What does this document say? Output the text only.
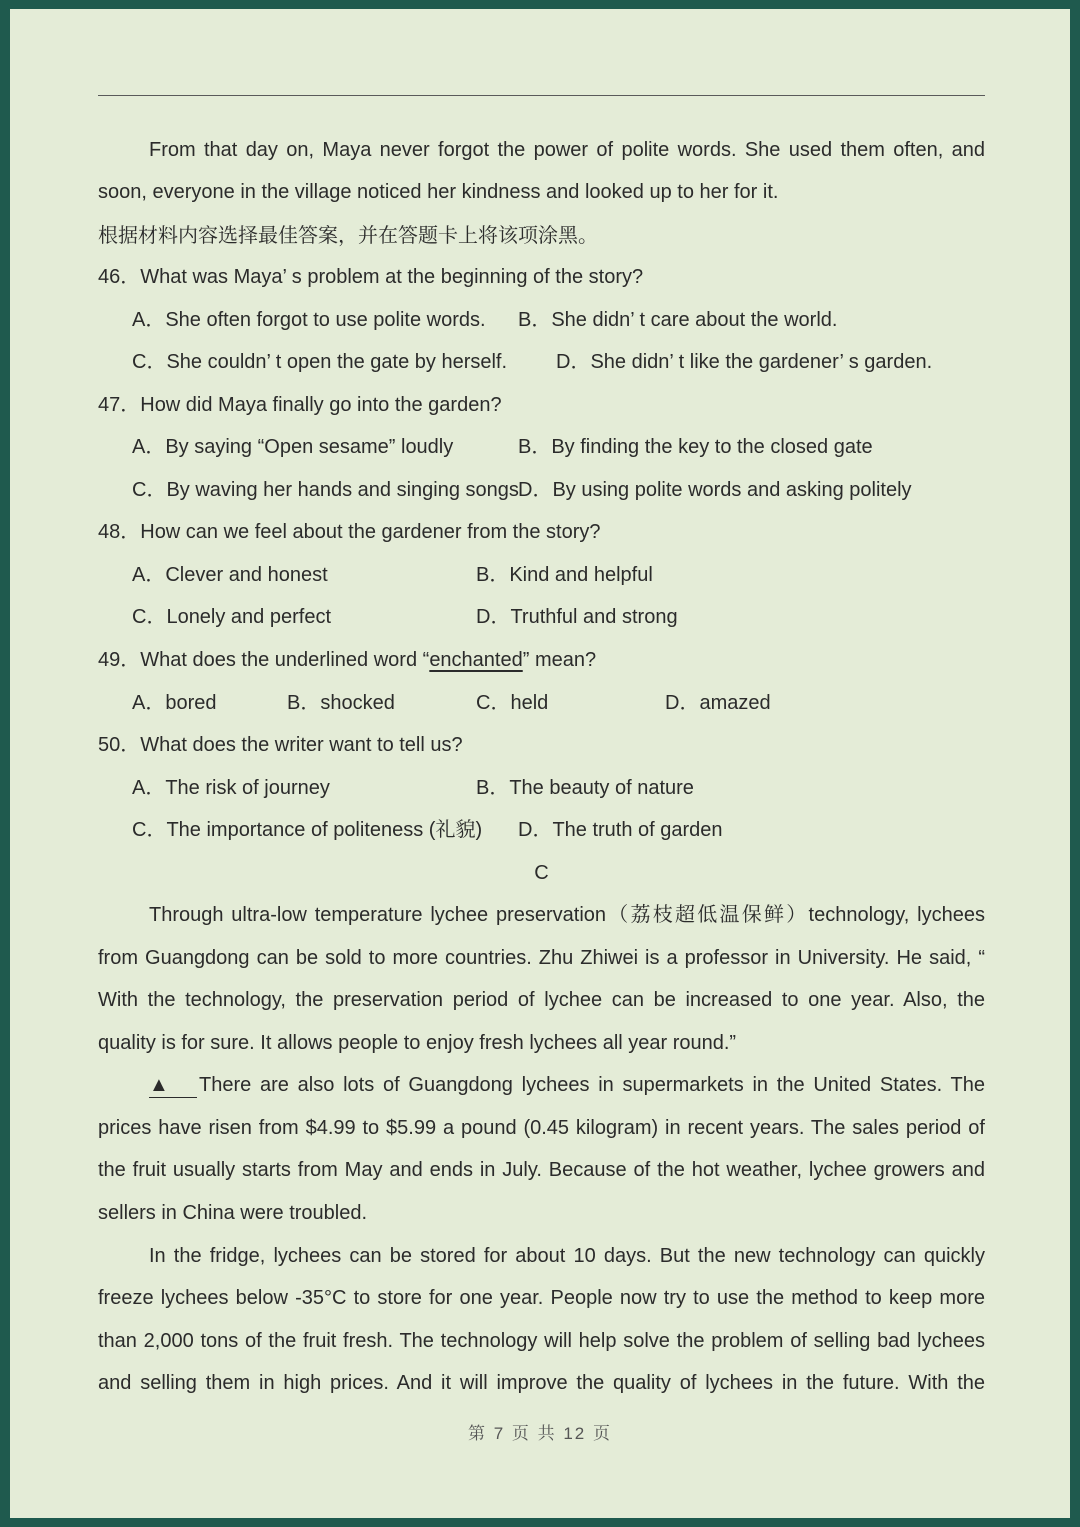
From that day on, Maya never forgot the power of polite words. She used them often, and
soon, everyone in the village noticed her kindness and looked up to her for it.
根据材料内容选择最佳答案，并在答题卡上将该项涂黑。
46．What was Maya’ s problem at the beginning of the story?
A．She often forgot to use polite words. B．She didn’ t care about the world.
C．She couldn’ t open the gate by herself. D．She didn’ t like the gardener’ s garden.
47．How did Maya finally go into the garden?
A．By saying “Open sesame” loudly	B．By finding the key to the closed gate
C．By waving her hands and singing songs D．By using polite words and asking politely
48．How can we feel about the gardener from the story?
A．Clever and honest	B．Kind and helpful
C．Lonely and perfect	D．Truthful and strong
49．What does the underlined word “enchanted” mean?
A．bored	B．shocked	C．held	D．amazed
50．What does the writer want to tell us?
A．The risk of journey	B．The beauty of nature
C．The importance of politeness (礼貌) D．The truth of garden
C
Through ultra-low temperature lychee preservation（荔枝超低温保鲜）technology, lychees
from Guangdong can be sold to more countries. Zhu Zhiwei is a professor in University. He said, “
With the technology, the preservation period of lychee can be increased to one year. Also, the
quality is for sure. It allows people to enjoy fresh lychees all year round.”
▲ There are also lots of Guangdong lychees in supermarkets in the United States. The
prices have risen from $4.99 to $5.99 a pound (0.45 kilogram) in recent years. The sales period of
the fruit usually starts from May and ends in July. Because of the hot weather, lychee growers and
sellers in China were troubled.
In the fridge, lychees can be stored for about 10 days. But the new technology can quickly
freeze lychees below -35°C to store for one year. People now try to use the method to keep more
than 2,000 tons of the fruit fresh. The technology will help solve the problem of selling bad lychees
and selling them in high prices. And it will improve the quality of lychees in the future. With the
第 7 页 共 12 页
